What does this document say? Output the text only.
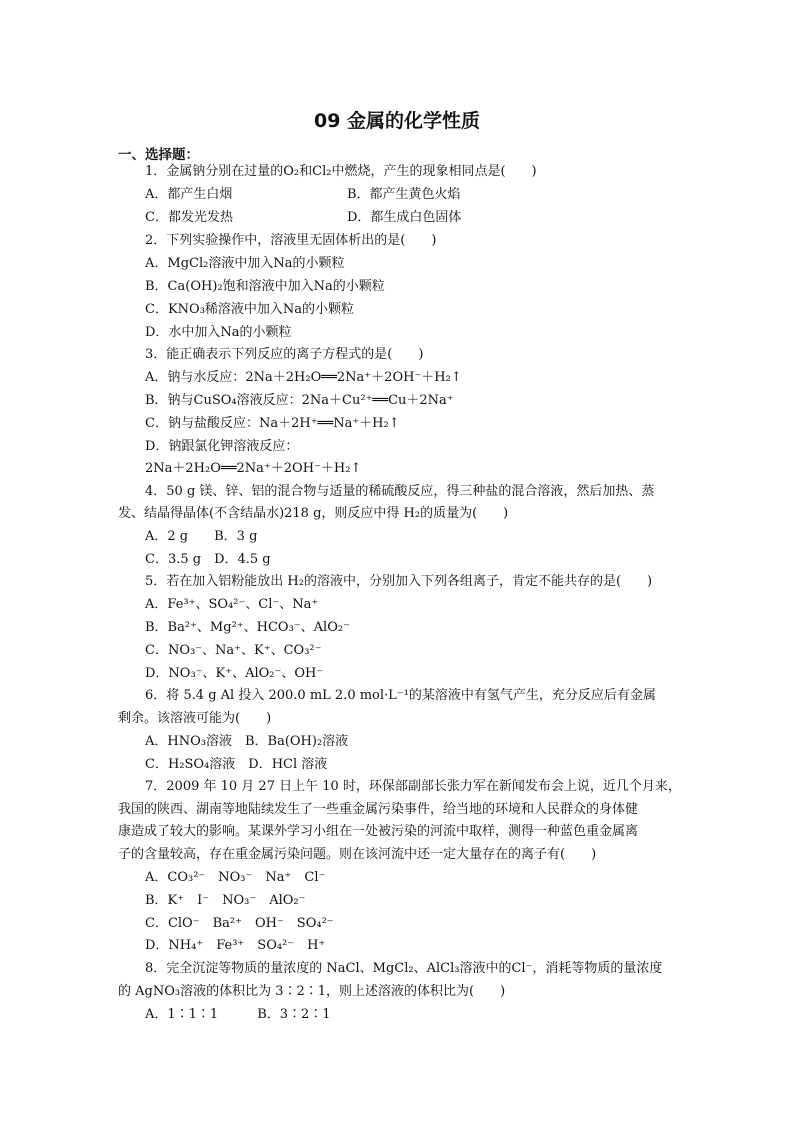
09 金属的化学性质
一、选择题：
1．金属钠分别在过量的O₂和Cl₂中燃烧，产生的现象相同点是(　　)
A．都产生白烟	B．都产生黄色火焰
C．都发光发热	D．都生成白色固体
2．下列实验操作中，溶液里无固体析出的是(　　)
A．MgCl₂溶液中加入Na的小颗粒
B．Ca(OH)₂饱和溶液中加入Na的小颗粒
C．KNO₃稀溶液中加入Na的小颗粒
D．水中加入Na的小颗粒
3．能正确表示下列反应的离子方程式的是(　　)
A．钠与水反应：2Na＋2H₂O══2Na⁺＋2OH⁻＋H₂↑
B．钠与CuSO₄溶液反应：2Na＋Cu²⁺══Cu＋2Na⁺
C．钠与盐酸反应：Na＋2H⁺══Na⁺＋H₂↑
D．钠跟氯化钾溶液反应：
2Na＋2H₂O══2Na⁺＋2OH⁻＋H₂↑
4．50 g 镁、锌、铝的混合物与适量的稀硫酸反应，得三种盐的混合溶液，然后加热、蒸
发、结晶得晶体(不含结晶水)218 g，则反应中得 H₂的质量为(　　)
A．2 g　　B．3 g
C．3.5 g　D．4.5 g
5．若在加入铝粉能放出 H₂的溶液中，分别加入下列各组离子，肯定不能共存的是(　　)
A．Fe³⁺、SO₄²⁻、Cl⁻、Na⁺
B．Ba²⁺、Mg²⁺、HCO₃⁻、AlO₂⁻
C．NO₃⁻、Na⁺、K⁺、CO₃²⁻
D．NO₃⁻、K⁺、AlO₂⁻、OH⁻
6．将 5.4 g Al 投入 200.0 mL 2.0 mol·L⁻¹的某溶液中有氢气产生，充分反应后有金属
剩余。该溶液可能为(　　)
A．HNO₃溶液　B．Ba(OH)₂溶液
C．H₂SO₄溶液　D．HCl 溶液
7．2009 年 10 月 27 日上午 10 时，环保部副部长张力军在新闻发布会上说，近几个月来，
我国的陕西、湖南等地陆续发生了一些重金属污染事件，给当地的环境和人民群众的身体健
康造成了较大的影响。某课外学习小组在一处被污染的河流中取样，测得一种蓝色重金属离
子的含量较高，存在重金属污染问题。则在该河流中还一定大量存在的离子有(　　)
A．CO₃²⁻　NO₃⁻　Na⁺　Cl⁻
B．K⁺　I⁻　NO₃⁻　AlO₂⁻
C．ClO⁻　Ba²⁺　OH⁻　SO₄²⁻
D．NH₄⁺　Fe³⁺　SO₄²⁻　H⁺
8．完全沉淀等物质的量浓度的 NaCl、MgCl₂、AlCl₃溶液中的Cl⁻，消耗等物质的量浓度
的 AgNO₃溶液的体积比为 3∶2∶1，则上述溶液的体积比为(　　)
A．1∶1∶1　　　B．3∶2∶1
